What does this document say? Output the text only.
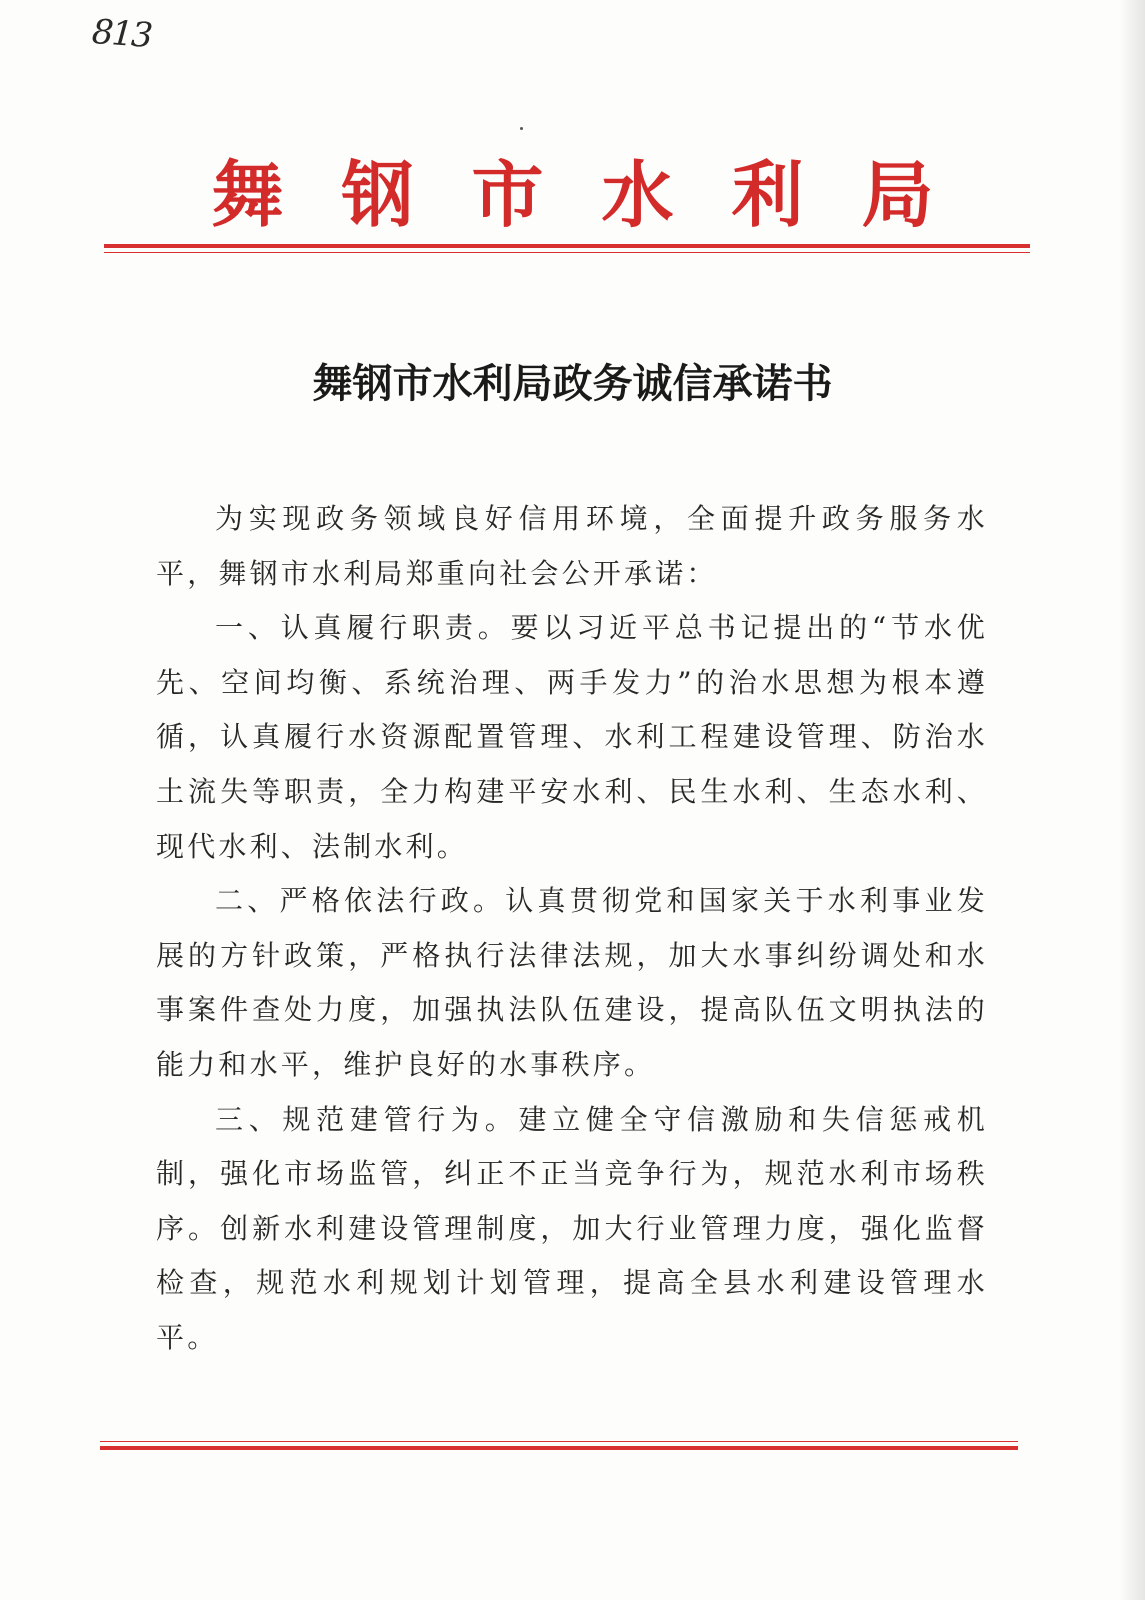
813
舞钢市水利局
舞钢市水利局政务诚信承诺书

为实现政务领域良好信用环境，全面提升政务服务水平，舞钢市水利局郑重向社会公开承诺：

一、认真履行职责。要以习近平总书记提出的“节水优先、空间均衡、系统治理、两手发力”的治水思想为根本遵循，认真履行水资源配置管理、水利工程建设管理、防治水土流失等职责，全力构建平安水利、民生水利、生态水利、现代水利、法制水利。

二、严格依法行政。认真贯彻党和国家关于水利事业发展的方针政策，严格执行法律法规，加大水事纠纷调处和水事案件查处力度，加强执法队伍建设，提高队伍文明执法的能力和水平，维护良好的水事秩序。

三、规范建管行为。建立健全守信激励和失信惩戒机制，强化市场监管，纠正不正当竞争行为，规范水利市场秩序。创新水利建设管理制度，加大行业管理力度，强化监督检查，规范水利规划计划管理，提高全县水利建设管理水平。
